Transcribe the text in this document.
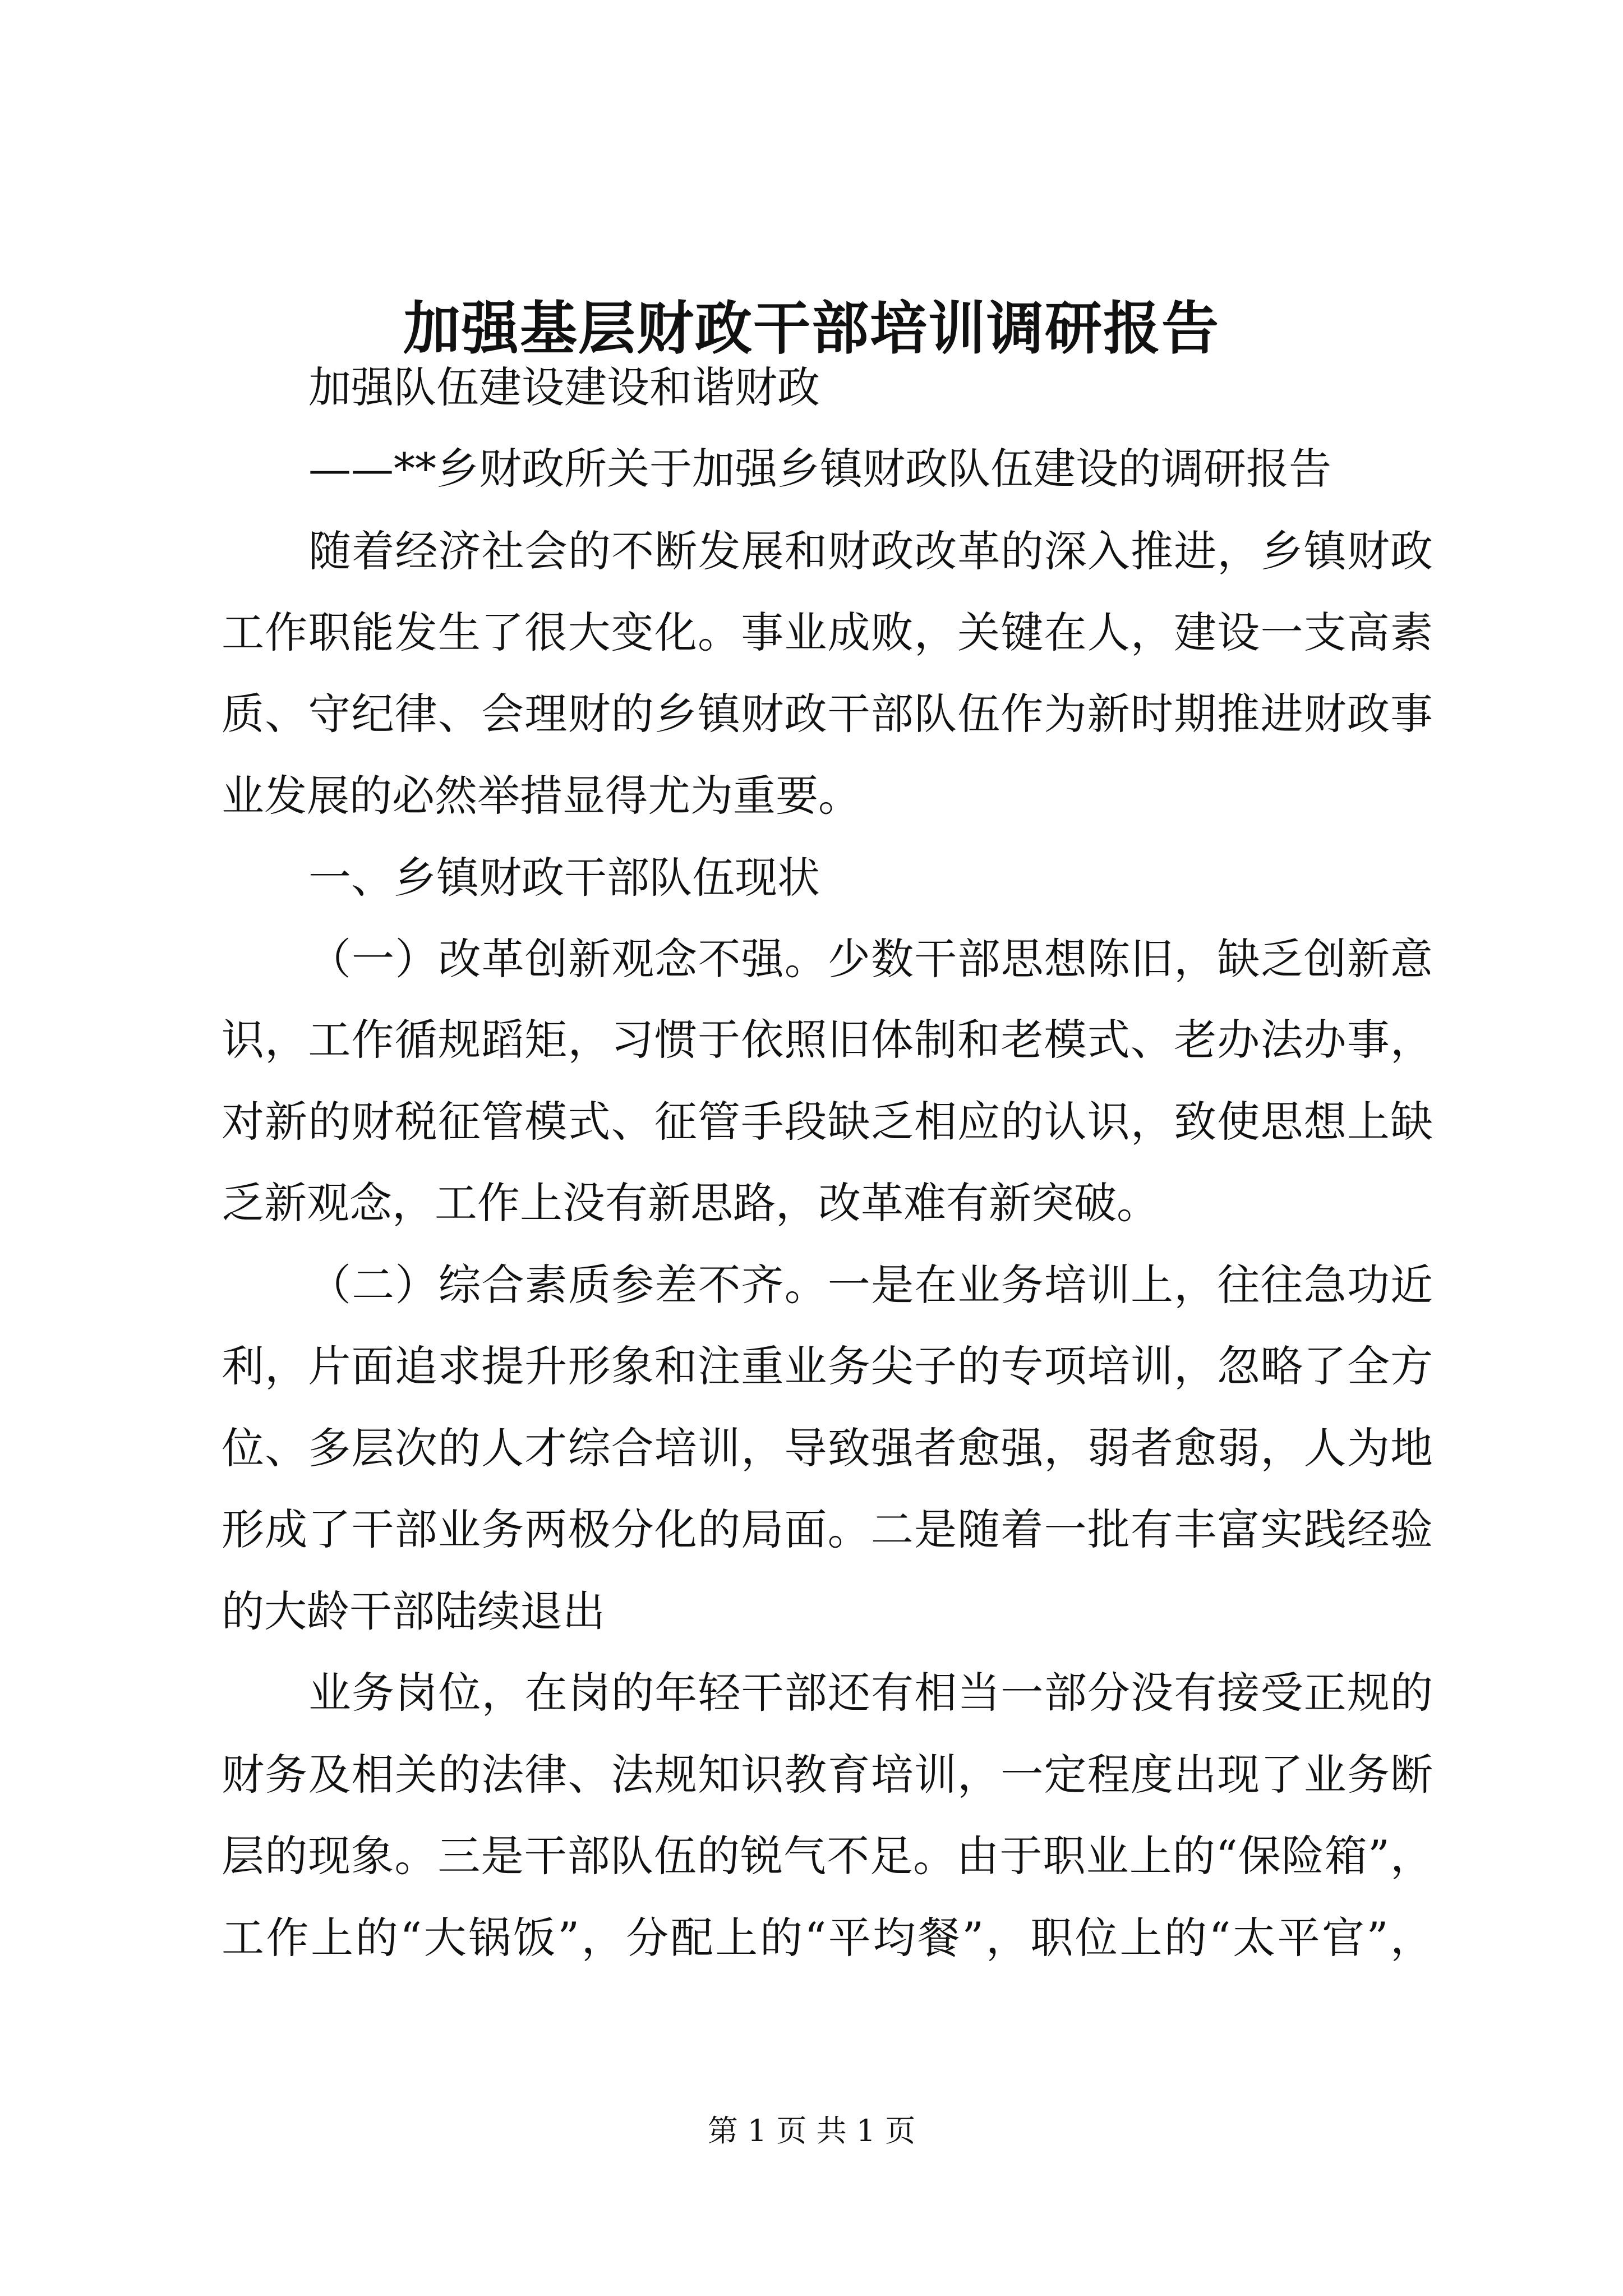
加强基层财政干部培训调研报告
加强队伍建设建设和谐财政
——**乡财政所关于加强乡镇财政队伍建设的调研报告
随着经济社会的不断发展和财政改革的深入推进，乡镇财政
工作职能发生了很大变化。事业成败，关键在人，建设一支高素
质、守纪律、会理财的乡镇财政干部队伍作为新时期推进财政事
业发展的必然举措显得尤为重要。
一、乡镇财政干部队伍现状
（一）改革创新观念不强。少数干部思想陈旧，缺乏创新意
识，工作循规蹈矩，习惯于依照旧体制和老模式、老办法办事，
对新的财税征管模式、征管手段缺乏相应的认识，致使思想上缺
乏新观念，工作上没有新思路，改革难有新突破。
（二）综合素质参差不齐。一是在业务培训上，往往急功近
利，片面追求提升形象和注重业务尖子的专项培训，忽略了全方
位、多层次的人才综合培训，导致强者愈强，弱者愈弱，人为地
形成了干部业务两极分化的局面。二是随着一批有丰富实践经验
的大龄干部陆续退出
业务岗位，在岗的年轻干部还有相当一部分没有接受正规的
财务及相关的法律、法规知识教育培训，一定程度出现了业务断
层的现象。三是干部队伍的锐气不足。由于职业上的“保险箱”，
工作上的“大锅饭”，分配上的“平均餐”，职位上的“太平官”，
第 1 页 共 1 页
